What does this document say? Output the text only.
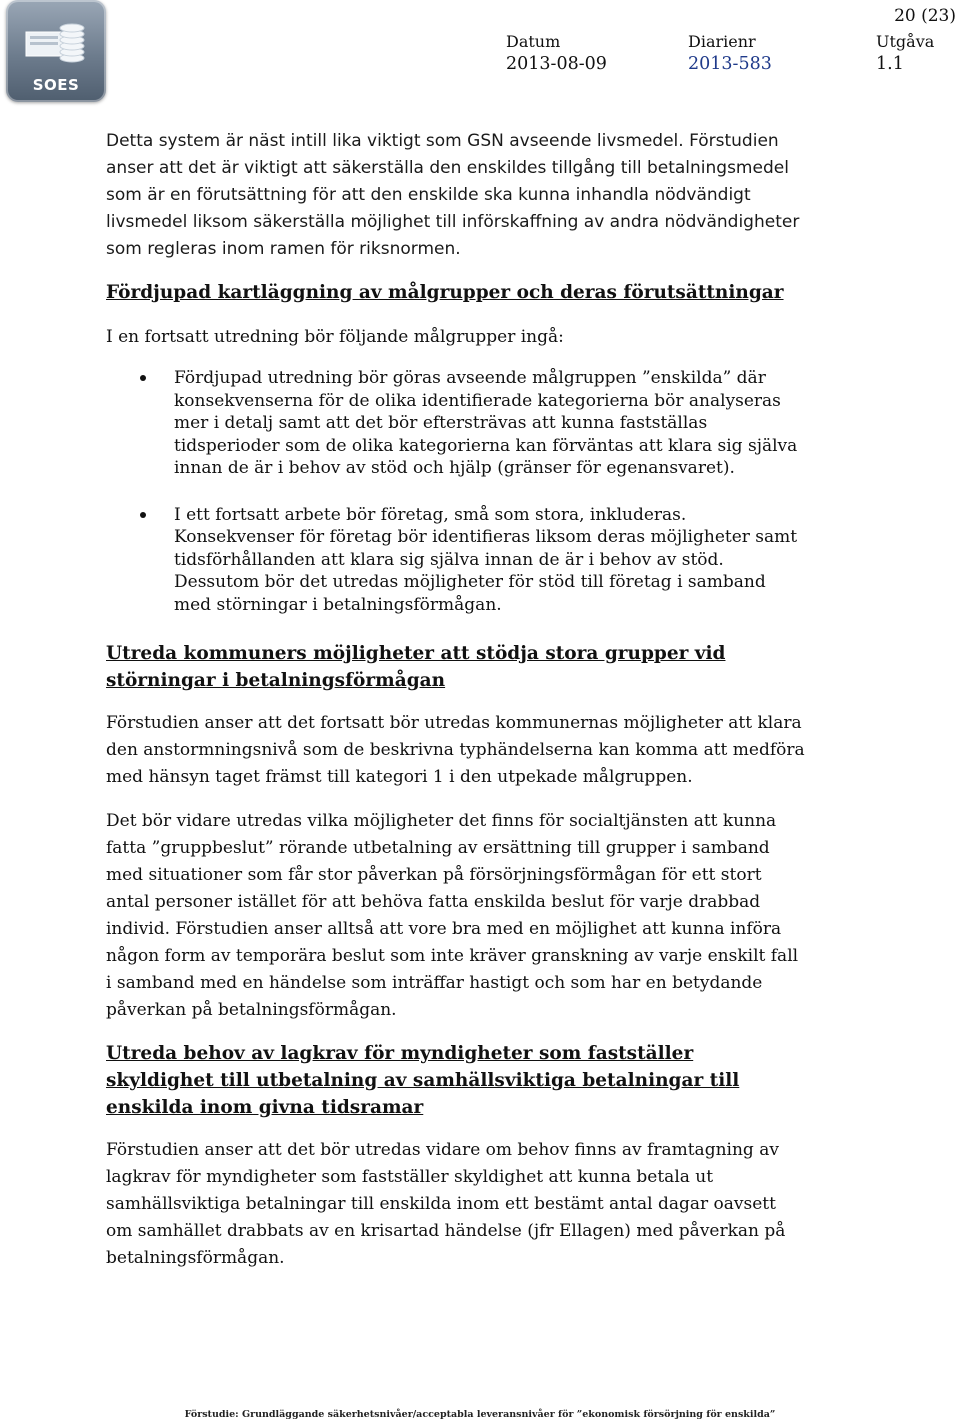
SOES
20 (23)
Datum
2013-08-09
Diarienr
2013-583
Utgåva
1.1

Detta system är näst intill lika viktigt som GSN avseende livsmedel. Förstudien anser att det är viktigt att säkerställa den enskildes tillgång till betalningsmedel som är en förutsättning för att den enskilde ska kunna inhandla nödvändigt livsmedel liksom säkerställa möjlighet till införskaffning av andra nödvändigheter som regleras inom ramen för riksnormen.

Fördjupad kartläggning av målgrupper och deras förutsättningar

I en fortsatt utredning bör följande målgrupper ingå:

Fördjupad utredning bör göras avseende målgruppen ”enskilda” där konsekvenserna för de olika identifierade kategorierna bör analyseras mer i detalj samt att det bör eftersträvas att kunna fastställas tidsperioder som de olika kategorierna kan förväntas att klara sig själva innan de är i behov av stöd och hjälp (gränser för egenansvaret).
I ett fortsatt arbete bör företag, små som stora, inkluderas. Konsekvenser för företag bör identifieras liksom deras möjligheter samt tidsförhållanden att klara sig själva innan de är i behov av stöd. Dessutom bör det utredas möjligheter för stöd till företag i samband med störningar i betalningsförmågan.

Utreda kommuners möjligheter att stödja stora grupper vid störningar i betalningsförmågan

Förstudien anser att det fortsatt bör utredas kommunernas möjligheter att klara den anstormningsnivå som de beskrivna typhändelserna kan komma att medföra med hänsyn taget främst till kategori 1 i den utpekade målgruppen.

Det bör vidare utredas vilka möjligheter det finns för socialtjänsten att kunna fatta ”gruppbeslut” rörande utbetalning av ersättning till grupper i samband med situationer som får stor påverkan på försörjningsförmågan för ett stort antal personer istället för att behöva fatta enskilda beslut för varje drabbad individ. Förstudien anser alltså att vore bra med en möjlighet att kunna införa någon form av temporära beslut som inte kräver granskning av varje enskilt fall i samband med en händelse som inträffar hastigt och som har en betydande påverkan på betalningsförmågan.

Utreda behov av lagkrav för myndigheter som fastställer skyldighet till utbetalning av samhällsviktiga betalningar till enskilda inom givna tidsramar

Förstudien anser att det bör utredas vidare om behov finns av framtagning av lagkrav för myndigheter som fastställer skyldighet att kunna betala ut samhällsviktiga betalningar till enskilda inom ett bestämt antal dagar oavsett om samhället drabbats av en krisartad händelse (jfr Ellagen) med påverkan på betalningsförmågan.

Förstudie: Grundläggande säkerhetsnivåer/acceptabla leveransnivåer för ”ekonomisk försörjning för enskilda”
